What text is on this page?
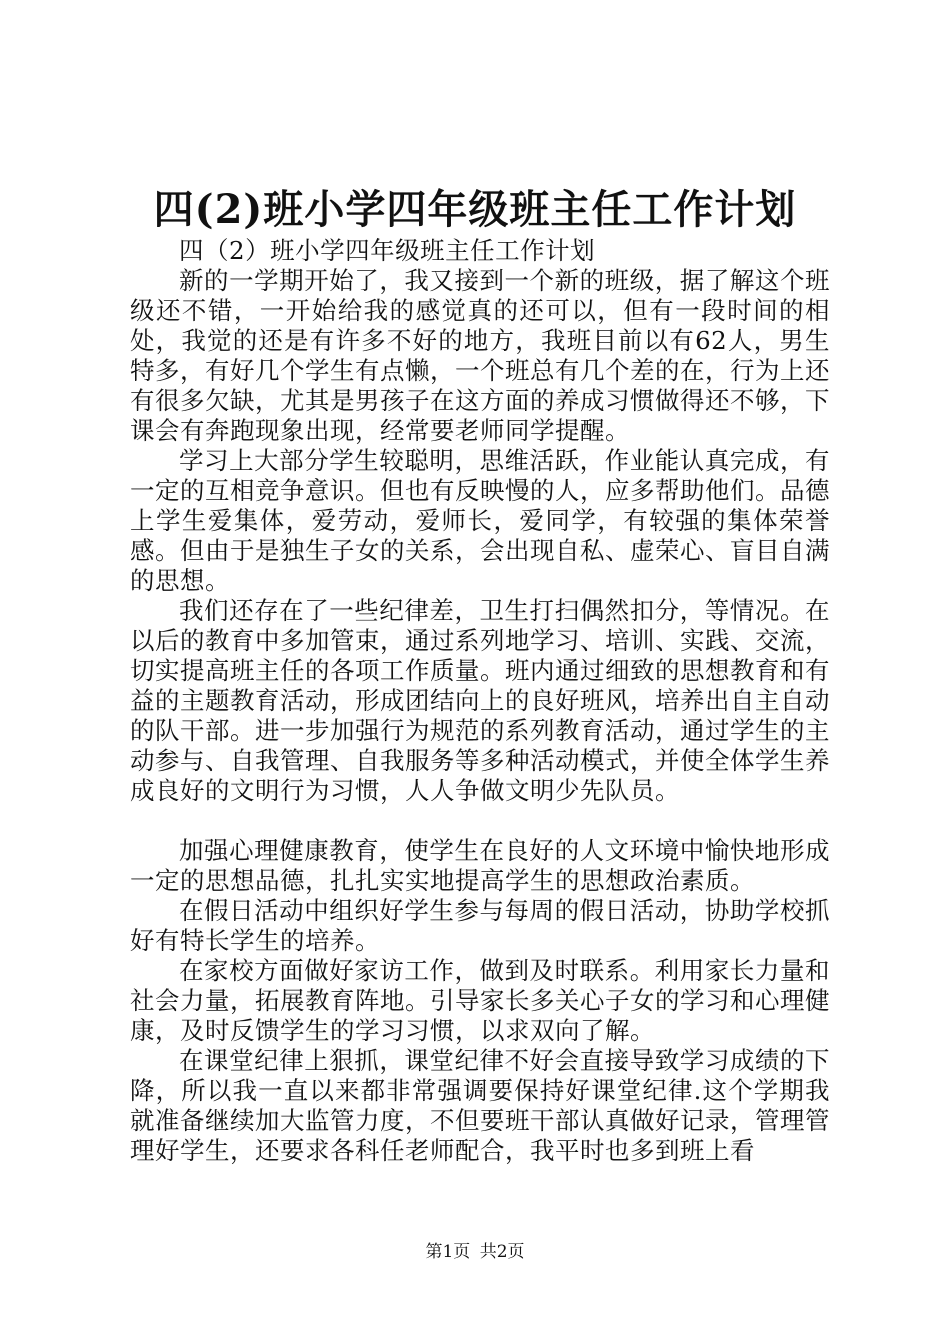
四(2)班小学四年级班主任工作计划

四（2）班小学四年级班主任工作计划

新的一学期开始了，我又接到一个新的班级，据了解这个班级还不错，一开始给我的感觉真的还可以，但有一段时间的相处，我觉的还是有许多不好的地方，我班目前以有62人，男生特多，有好几个学生有点懒，一个班总有几个差的在，行为上还有很多欠缺，尤其是男孩子在这方面的养成习惯做得还不够，下课会有奔跑现象出现，经常要老师同学提醒。

学习上大部分学生较聪明，思维活跃，作业能认真完成，有一定的互相竞争意识。但也有反映慢的人，应多帮助他们。品德上学生爱集体，爱劳动，爱师长，爱同学，有较强的集体荣誉感。但由于是独生子女的关系，会出现自私、虚荣心、盲目自满的思想。

我们还存在了一些纪律差，卫生打扫偶然扣分，等情况。在以后的教育中多加管束，通过系列地学习、培训、实践、交流，切实提高班主任的各项工作质量。班内通过细致的思想教育和有益的主题教育活动，形成团结向上的良好班风，培养出自主自动的队干部。进一步加强行为规范的系列教育活动，通过学生的主动参与、自我管理、自我服务等多种活动模式，并使全体学生养成良好的文明行为习惯，人人争做文明少先队员。

加强心理健康教育，使学生在良好的人文环境中愉快地形成一定的思想品德，扎扎实实地提高学生的思想政治素质。

在假日活动中组织好学生参与每周的假日活动，协助学校抓好有特长学生的培养。

在家校方面做好家访工作，做到及时联系。利用家长力量和社会力量，拓展教育阵地。引导家长多关心子女的学习和心理健康，及时反馈学生的学习习惯，以求双向了解。

在课堂纪律上狠抓，课堂纪律不好会直接导致学习成绩的下降，所以我一直以来都非常强调要保持好课堂纪律.这个学期我就准备继续加大监管力度，不但要班干部认真做好记录，管理管理好学生，还要求各科任老师配合，我平时也多到班上看

第1页 共2页
